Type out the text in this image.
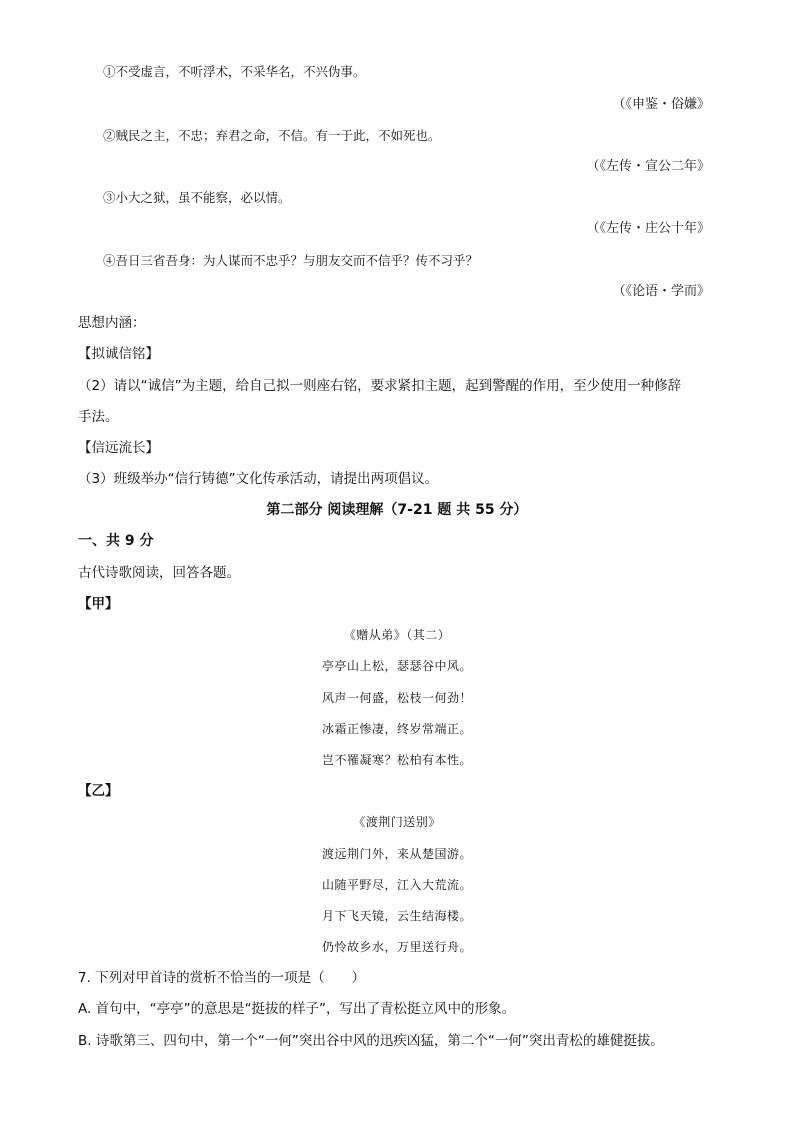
①不受虚言，不听浮术，不采华名，不兴伪事。
（《申鉴・俗嫌》
②贼民之主，不忠；弃君之命，不信。有一于此，不如死也。
（《左传・宣公二年》
③小大之狱，虽不能察，必以情。
（《左传・庄公十年》
④吾日三省吾身：为人谋而不忠乎？与朋友交而不信乎？传不习乎？
（《论语・学而》
思想内涵：
【拟诚信铭】
（2）请以“诚信”为主题，给自己拟一则座右铭，要求紧扣主题，起到警醒的作用，至少使用一种修辞
手法。
【信远流长】
（3）班级举办“信行铸德”文化传承活动，请提出两项倡议。
第二部分 阅读理解（7-21 题 共 55 分）
一、共 9 分
古代诗歌阅读，回答各题。
【甲】
《赠从弟》（其二）
亭亭山上松，瑟瑟谷中风。
风声一何盛，松枝一何劲！
冰霜正惨凄，终岁常端正。
岂不罹凝寒？松柏有本性。
【乙】
《渡荆门送别》
渡远荆门外，来从楚国游。
山随平野尽，江入大荒流。
月下飞天镜，云生结海楼。
仍怜故乡水，万里送行舟。
7. 下列对甲首诗的赏析不恰当的一项是（　　）
A. 首句中，“亭亭”的意思是“挺拔的样子”，写出了青松挺立风中的形象。
B. 诗歌第三、四句中，第一个“一何”突出谷中风的迅疾凶猛，第二个“一何”突出青松的雄健挺拔。
